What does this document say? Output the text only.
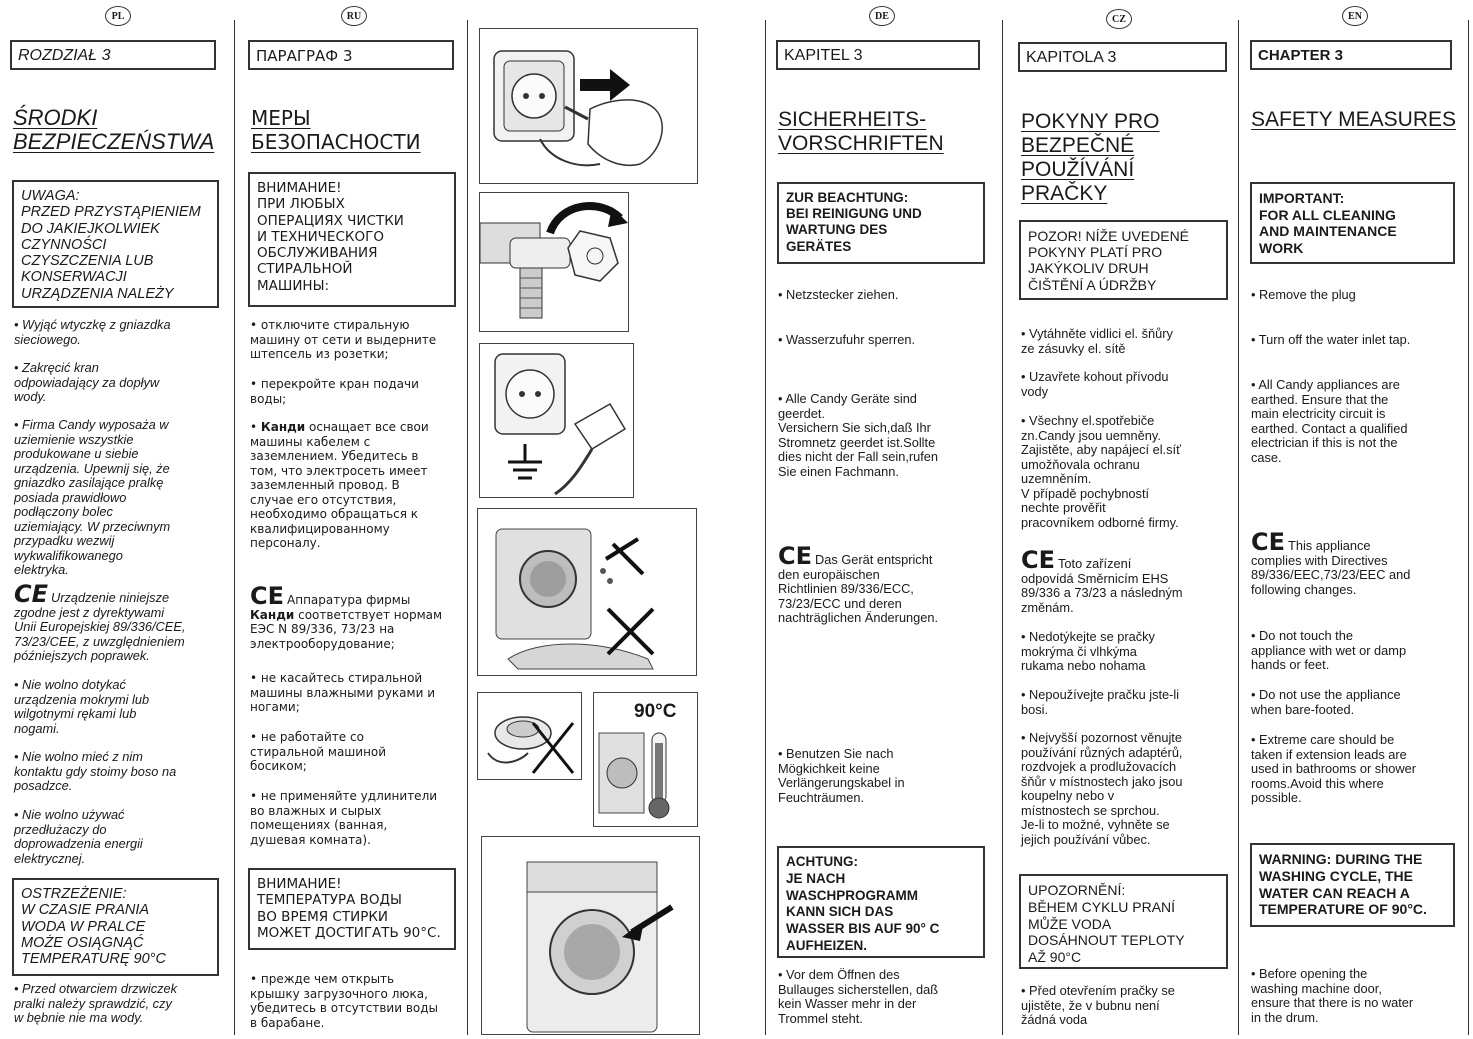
PL
ROZDZIAŁ 3
ŚRODKI
BEZPIECZEŃSTWA
UWAGA:
PRZED PRZYSTĄPIENIEM
DO JAKIEJKOLWIEK
CZYNNOŚCI
CZYSZCZENIA LUB
KONSERWACJI
URZĄDZENIA NALEŻY
• Wyjąć wtyczkę z gniazdka
sieciowego.
• Zakręcić kran
odpowiadający za dopływ
wody.
• Firma Candy wyposaża w
uziemienie wszystkie
produkowane u siebie
urządzenia. Upewnij się, że
gniazdko zasilające pralkę
posiada prawidłowo
podłączony bolec
uziemiający. W przeciwnym
przypadku wezwij
wykwalifikowanego
elektryka.
CE Urządzenie niniejsze
zgodne jest z dyrektywami
Unii Europejskiej 89/336/CEE,
73/23/CEE, z uwzględnieniem
późniejszych poprawek.
• Nie wolno dotykać
urządzenia mokrymi lub
wilgotnymi rękami lub
nogami.
• Nie wolno mieć z nim
kontaktu gdy stoimy boso na
posadzce.
• Nie wolno używać
przedłużaczy do
doprowadzenia energii
elektrycznej.
OSTRZEŻENIE:
W CZASIE PRANIA
WODA W PRALCE
MOŻE OSIĄGNĄĆ
TEMPERATURĘ 90°C
• Przed otwarciem drzwiczek
pralki należy sprawdzić, czy
w bębnie nie ma wody.
RU
ПАРАГРАФ 3
МЕРЫ
БЕЗОПАСНОСТИ
ВНИМАНИЕ!
ПРИ ЛЮБЫХ
ОПЕРАЦИЯХ ЧИСТКИ
И ТЕХНИЧЕСКОГО
ОБСЛУЖИВАНИЯ
СТИРАЛЬНОЙ
МАШИНЫ:
• отключите стиральную
машину от сети и выдерните
штепсель из розетки;
• перекройте кран подачи
воды;
• Канди оснащает все свои
машины кабелем с
заземлением. Убедитесь в
том, что электросеть имеет
заземленный провод. В
случае его отсутствия,
необходимо обращаться к
квалифицированному
персоналу.
CE Аппаратура фирмы
Канди соответствует нормам
ЕЭС N 89/336, 73/23 на
электрооборудование;
• не касайтесь стиральной
машины влажными руками и
ногами;
• не работайте со
стиральной машиной
босиком;
• не применяйте удлинители
во влажных и сырых
помещениях (ванная,
душевая комната).
ВНИМАНИЕ!
ТЕМПЕРАТУРА ВОДЫ
ВО ВРЕМЯ СТИРКИ
МОЖЕТ ДОСТИГАТЬ 90°С.
• прежде чем открыть
крышку загрузочного люка,
убедитесь в отсутствии воды
в барабане.
90°C
DE
KAPITEL 3
SICHERHEITS-
VORSCHRIFTEN
ZUR BEACHTUNG:
BEI REINIGUNG UND
WARTUNG DES
GERÄTES
• Netzstecker ziehen.
• Wasserzufuhr sperren.
• Alle Candy Geräte sind
geerdet.
Versichern Sie sich,daß Ihr
Stromnetz geerdet ist.Sollte
dies nicht der Fall sein,rufen
Sie einen Fachmann.
CE Das Gerät entspricht
den europäischen
Richtlinien 89/336/ECC,
73/23/ECC und deren
nachträglichen Änderungen.
• Benutzen Sie nach
Mögkichkeit keine
Verlängerungskabel in
Feuchträumen.
ACHTUNG:
JE NACH
WASCHPROGRAMM
KANN SICH DAS
WASSER BIS AUF 90° C
AUFHEIZEN.
• Vor dem Öffnen des
Bullauges sicherstellen, daß
kein Wasser mehr in der
Trommel steht.
CZ
KAPITOLA 3
POKYNY PRO
BEZPEČNÉ
POUŽÍVÁNÍ
PRAČKY
POZOR! NÍŽE UVEDENÉ
POKYNY PLATÍ PRO
JAKÝKOLIV DRUH
ČIŠTĚNÍ A ÚDRŽBY
• Vytáhněte vidlici el. šňůry
ze zásuvky el. sítě
• Uzavřete kohout přívodu
vody
• Všechny el.spotřebiče
zn.Candy jsou uemněny.
Zajistěte, aby napájecí el.síť
umožňovala ochranu
uzemněním.
V případě pochybností
nechte prověřit
pracovníkem odborné firmy.
CE Toto zařízení
odpovídá Směrnicím EHS
89/336 a 73/23 a následným
změnám.
• Nedotýkejte se pračky
mokrýma či vlhkýma
rukama nebo nohama
• Nepoužívejte pračku jste-li
bosi.
• Nejvyšší pozornost věnujte
používání různých adaptérů,
rozdvojek a prodlužovacích
šňůr v místnostech jako jsou
koupelny nebo v
místnostech se sprchou.
Je-li to možné, vyhněte se
jejich používání vůbec.
UPOZORNĚNÍ:
BĚHEM CYKLU PRANÍ
MŮŽE VODA
DOSÁHNOUT TEPLOTY
AŽ 90°C
• Před otevřením pračky se
ujistěte, že v bubnu není
žádná voda
EN
CHAPTER 3
SAFETY MEASURES
IMPORTANT:
FOR ALL CLEANING
AND MAINTENANCE
WORK
• Remove the plug
• Turn off the water inlet tap.
• All Candy appliances are
earthed. Ensure that the
main electricity circuit is
earthed. Contact a qualified
electrician if this is not the
case.
CE This appliance
complies with Directives
89/336/EEC,73/23/EEC and
following changes.
• Do not touch the
appliance with wet or damp
hands or feet.
• Do not use the appliance
when bare-footed.
• Extreme care should be
taken if extension leads are
used in bathrooms or shower
rooms.Avoid this where
possible.
WARNING: DURING THE
WASHING CYCLE, THE
WATER CAN REACH A
TEMPERATURE OF 90°C.
• Before opening the
washing machine door,
ensure that there is no water
in the drum.
